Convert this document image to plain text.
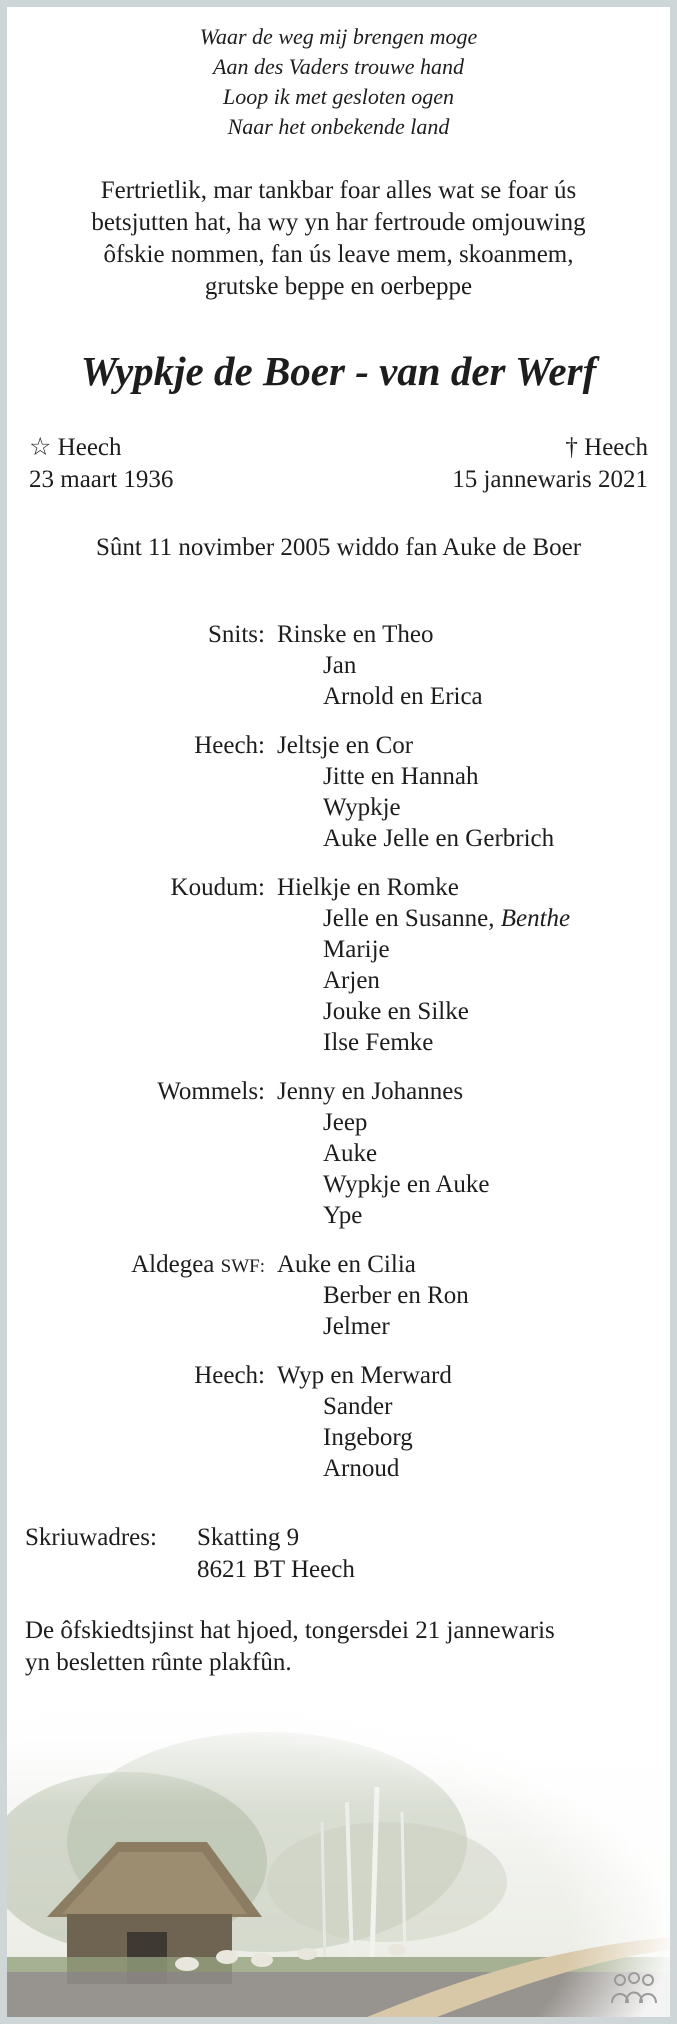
Waar de weg mij brengen moge
Aan des Vaders trouwe hand
Loop ik met gesloten ogen
Naar het onbekende land
Fertrietlik, mar tankbar foar alles wat se foar ús
betsjutten hat, ha wy yn har fertroude omjouwing
ôfskie nommen, fan ús leave mem, skoanmem,
grutske beppe en oerbeppe
Wypkje de Boer - van der Werf
☆ Heech
23 maart 1936
† Heech
15 jannewaris 2021
Sûnt 11 novimber 2005 widdo fan Auke de Boer
Snits: Rinske en Theo
Jan
Arnold en Erica
Heech: Jeltsje en Cor
Jitte en Hannah
Wypkje
Auke Jelle en Gerbrich
Koudum: Hielkje en Romke
Jelle en Susanne, Benthe
Marije
Arjen
Jouke en Silke
Ilse Femke
Wommels: Jenny en Johannes
Jeep
Auke
Wypkje en Auke
Ype
Aldegea SWF: Auke en Cilia
Berber en Ron
Jelmer
Heech: Wyp en Merward
Sander
Ingeborg
Arnoud
Skriuwadres: Skatting 9
8621 BT Heech
De ôfskiedtsjinst hat hjoed, tongersdei 21 jannewaris
yn besletten rûnte plakfûn.
